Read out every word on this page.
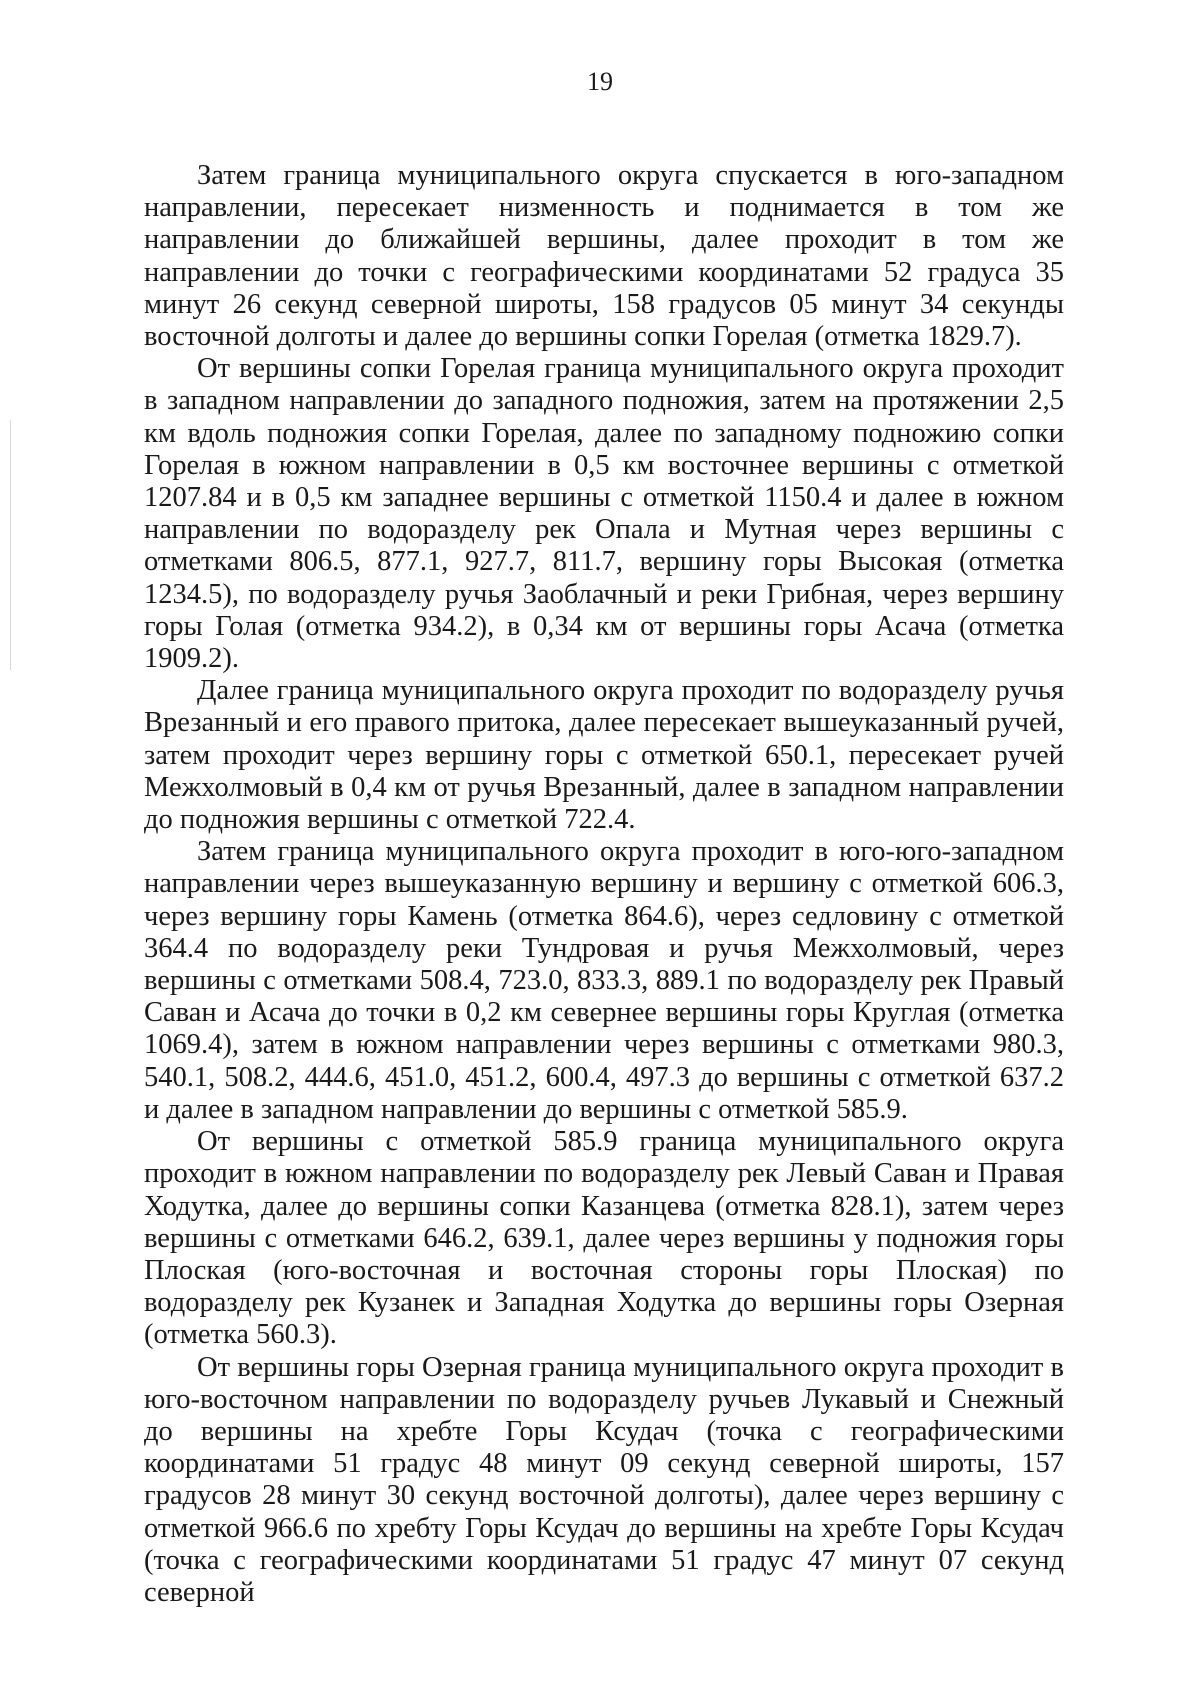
19

Затем граница муниципального округа спускается в юго-западном направлении, пересекает низменность и поднимается в том же направлении до ближайшей вершины, далее проходит в том же направлении до точки с географическими координатами 52 градуса 35 минут 26 секунд северной широты, 158 градусов 05 минут 34 секунды восточной долготы и далее до вершины сопки Горелая (отметка 1829.7).

От вершины сопки Горелая граница муниципального округа проходит в западном направлении до западного подножия, затем на протяжении 2,5 км вдоль подножия сопки Горелая, далее по западному подножию сопки Горелая в южном направлении в 0,5 км восточнее вершины с отметкой 1207.84 и в 0,5 км западнее вершины с отметкой 1150.4 и далее в южном направлении по водоразделу рек Опала и Мутная через вершины с отметками 806.5, 877.1, 927.7, 811.7, вершину горы Высокая (отметка 1234.5), по водоразделу ручья Заоблачный и реки Грибная, через вершину горы Голая (отметка 934.2), в 0,34 км от вершины горы Асача (отметка 1909.2).

Далее граница муниципального округа проходит по водоразделу ручья Врезанный и его правого притока, далее пересекает вышеуказанный ручей, затем проходит через вершину горы с отметкой 650.1, пересекает ручей Межхолмовый в 0,4 км от ручья Врезанный, далее в западном направлении до подножия вершины с отметкой 722.4.

Затем граница муниципального округа проходит в юго-юго-западном направлении через вышеуказанную вершину и вершину с отметкой 606.3, через вершину горы Камень (отметка 864.6), через седловину с отметкой 364.4 по водоразделу реки Тундровая и ручья Межхолмовый, через вершины с отметками 508.4, 723.0, 833.3, 889.1 по водоразделу рек Правый Саван и Асача до точки в 0,2 км севернее вершины горы Круглая (отметка 1069.4), затем в южном направлении через вершины с отметками 980.3, 540.1, 508.2, 444.6, 451.0, 451.2, 600.4, 497.3 до вершины с отметкой 637.2 и далее в западном направлении до вершины с отметкой 585.9.

От вершины с отметкой 585.9 граница муниципального округа проходит в южном направлении по водоразделу рек Левый Саван и Правая Ходутка, далее до вершины сопки Казанцева (отметка 828.1), затем через вершины с отметками 646.2, 639.1, далее через вершины у подножия горы Плоская (юго-восточная и восточная стороны горы Плоская) по водоразделу рек Кузанек и Западная Ходутка до вершины горы Озерная (отметка 560.3).

От вершины горы Озерная граница муниципального округа проходит в юго-восточном направлении по водоразделу ручьев Лукавый и Снежный до вершины на хребте Горы Ксудач (точка с географическими координатами 51 градус 48 минут 09 секунд северной широты, 157 градусов 28 минут 30 секунд восточной долготы), далее через вершину с отметкой 966.6 по хребту Горы Ксудач до вершины на хребте Горы Ксудач (точка с географическими координатами 51 градус 47 минут 07 секунд северной
